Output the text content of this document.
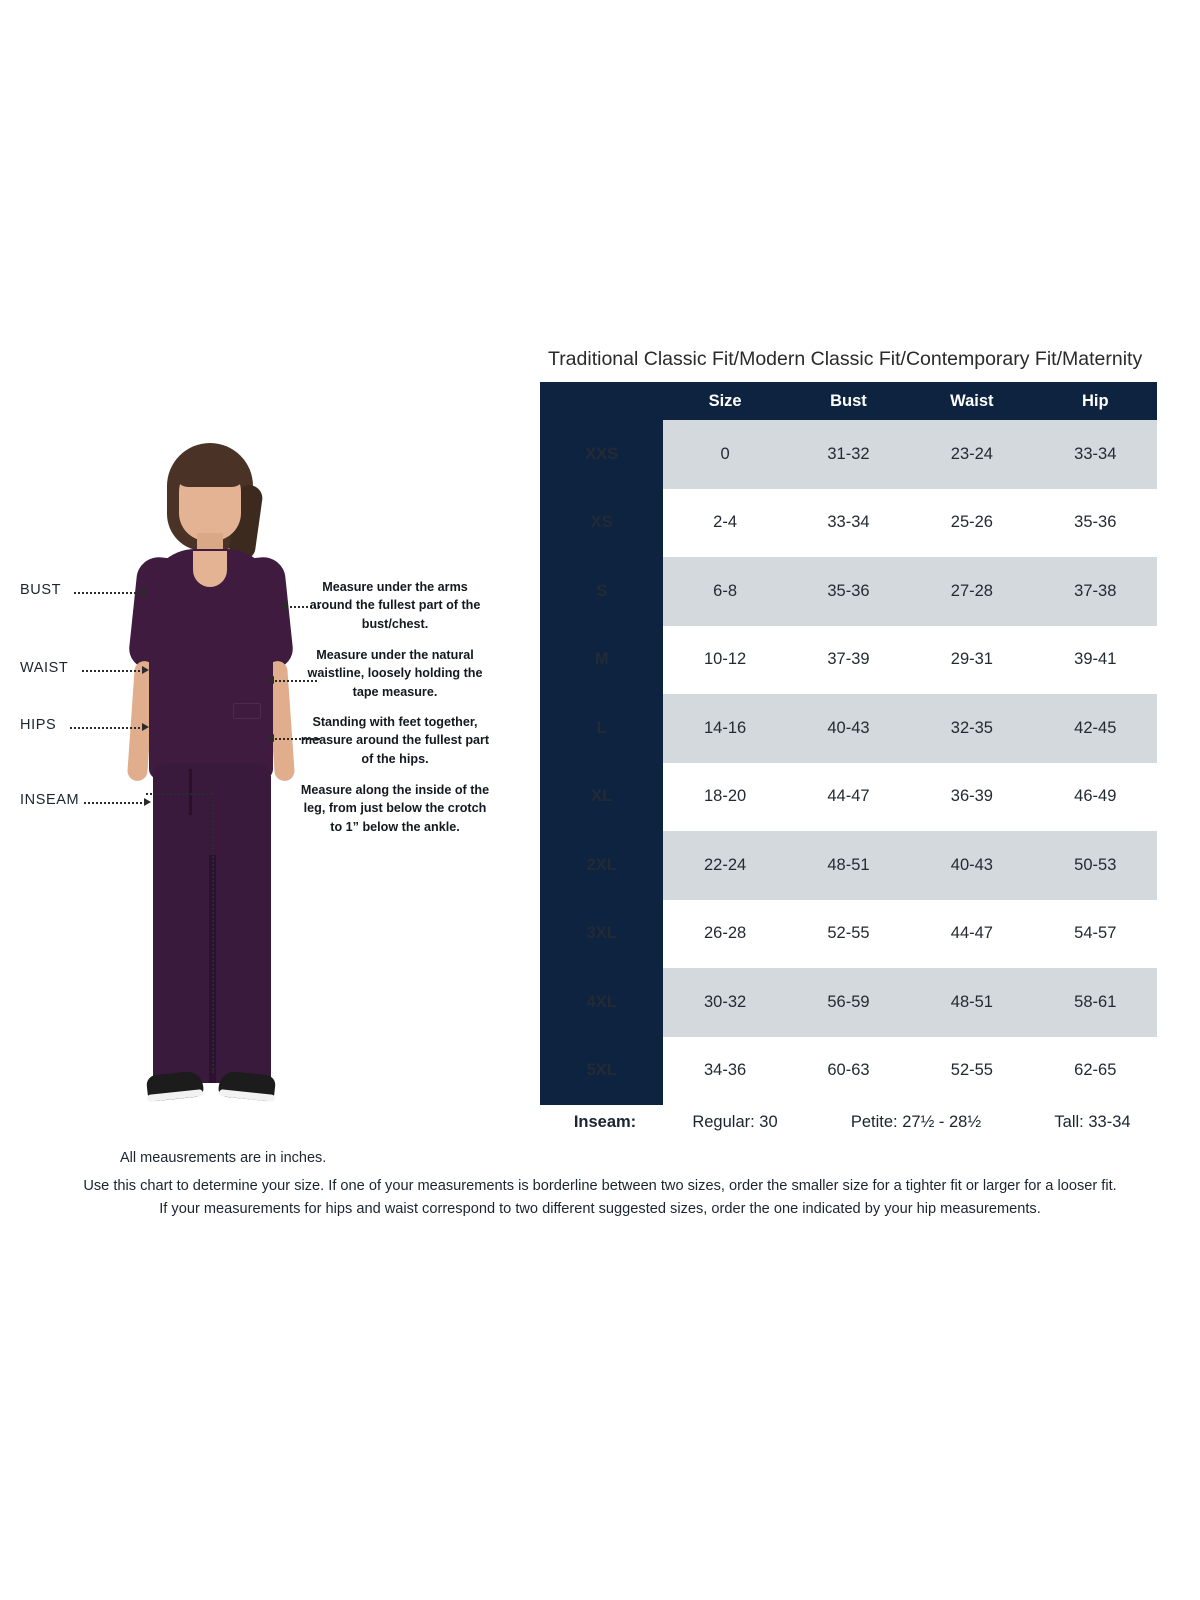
BUST
WAIST
HIPS
INSEAM
Measure under the arms around the fullest part of the bust/chest.
Measure under the natural waistline, loosely holding the tape measure.
Standing with feet together, measure around the fullest part of the hips.
Measure along the inside of the leg, from just below the crotch to 1” below the ankle.
Traditional Classic Fit/Modern Classic Fit/Contemporary Fit/Maternity
	Size	Bust	Waist	Hip
XXS	0	31-32	23-24	33-34
XS	2-4	33-34	25-26	35-36
S	6-8	35-36	27-28	37-38
M	10-12	37-39	29-31	39-41
L	14-16	40-43	32-35	42-45
XL	18-20	44-47	36-39	46-49
2XL	22-24	48-51	40-43	50-53
3XL	26-28	52-55	44-47	54-57
4XL	30-32	56-59	48-51	58-61
5XL	34-36	60-63	52-55	62-65
Inseam:	Regular: 30	Petite: 27½ - 28½	Tall: 33-34
All meausrements are in inches.
Use this chart to determine your size. If one of your measurements is borderline between two sizes, order the smaller size for a tighter fit or larger for a looser fit.
If your measurements for hips and waist correspond to two different suggested sizes, order the one indicated by your hip measurements.
